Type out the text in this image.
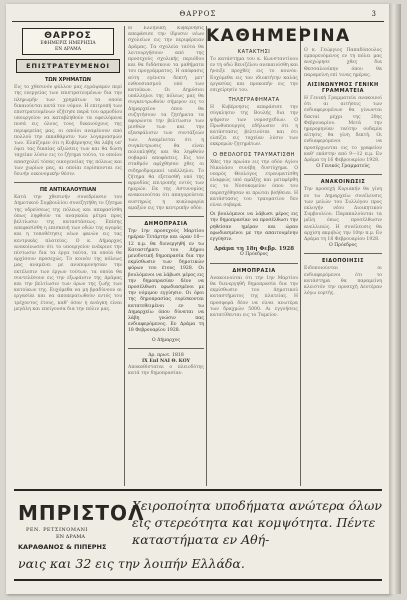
ΘΑΡΡΟΣ	3
ΘΑΡΡΟΣ
ΕΦΗΜΕΡΙΣ ΗΜΕΡΗΣΙΑ
ΕΝ ΔΡΑΜΑ
ΕΠΙΣΤΡΑΤΕΥΜΕΝΟΙ
ΤΩΝ ΧΡΗΜΑΤΩΝ
Εις το χθεσινόν φύλλον μας εγράψαμεν περί της ενεργείας των επιστρατευμένων δια την πληρωμήν των χρημάτων τα οποία δικαιούνται κατά τον νόμον. Η επιτροπή των επιστρατευμένων εζήτησε παρά του αρμοδίου υπουργείου να καταβληθούν τα οφειλόμενα ποσά εις όλους τους δικαιούχους της περιφερείας μας, οι οποίοι αναμένουν από πολλού την εκκαθάρισιν των λογαριασμών των. Ελπίζομεν ότι η Κυβέρνησις θα λάβη υπ' όψει τας δικαίας αξιώσεις των και θα δώση ταχείαν λύσιν εις το ζήτημα τούτο, το οποίον απασχολεί τόσας οικογενείας της πόλεως και των χωρίων μας, αι οποίαι ευρίσκονται εις δεινήν οικονομικήν θέσιν.
ΠΕ ΑΝΤΙΚΑΛΟΥΠΙΑΝ
Κατά την χθεσινήν συνεδρίασιν του Δημοτικού Συμβουλίου συνεζητήθη το ζήτημα της υδρεύσεως της πόλεως και απεφασίσθη όπως ληφθούν τα αναγκαία μέτρα προς βελτίωσιν της καταστάσεως. Επίσης απεφασίσθη η επισκευή των οδών της αγοράς και η τοποθέτησις νέων φανών εις τας κεντρικάς πλατείας. Ο κ. Δήμαρχος ανεκοίνωσεν ότι το υπουργείον ενέκρινε την πίστωσιν δια τα έργα ταύτα, τα οποία θα αρχίσουν προσεχώς. Το κοινόν της πόλεως μας αναμένει με ανυπομονησίαν την εκτέλεσιν των έργων τούτων, τα οποία θα συντελέσουν εις την εξωράισιν της Δράμας και την βελτίωσιν των όρων της ζωής των κατοίκων της. Ευχόμεθα να μη βραδύνουν αι εργασίαι και να αποπερατωθούν εντός του τρέχοντος έτους, καθ' όσον η ανάγκη είναι μεγάλη και επείγουσα δια την πόλιν μας.
Η Ελληνική Κυβέρνησις απεφάσισε την ίδρυσιν νέων σχολείων εις την περιφέρειαν Δράμας. Τα σχολεία ταύτα θα λειτουργήσουν από της προσεχούς σχολικής περιόδου και θα διδάσκουν τα μαθήματα του προγράμματος. Η απόφασις αύτη εγένετο δεκτή μετ' ενθουσιασμού υπό των κατοίκων. Οι Δημόσιοι υπάλληλοι της πόλεως μας θα συγκεντρωθούν σήμερον εις το Δημαρχείον όπου θα συζητήσουν τα ζητήματα τα αφορώντα την βελτίωσιν των μισθών των και την εξασφάλισιν των συντάξεών των. Αναμένεται ότι η συγκέντρωσις θα είναι πολυπληθής και θα ληφθούν σοβαραί αποφάσεις. Εις τον σταθμόν αφίχθησαν χθες οι σιδηροδρομικοί υπάλληλοι. Το ζήτημα θα εξετασθή υπό της αρμοδίας επιτροπής εντός των ημερών. Εκ της Αστυνομίας ανακοινούται ότι απαγορεύεται αυστηρώς η κυκλοφορία αμαξών εις την κεντρικήν οδόν.
ΔΗΜΟΠΡΑΣΙΑ
Την 1ην προσεχούς Μαρτίου ημέραν Τετάρτην και ώραν 10—12 π.μ. θα διενεργηθή εν τω Καταστήματι του Δήμου μειοδοτική δημοπρασία δια την εκμίσθωσιν των δημοτικών φόρων του έτους 1928. Οι βουλόμενοι να λάβωσι μέρος εις την δημοπρασίαν δέον να προσέλθωσι εφωδιασμένοι με την νόμιμον εγγύησιν. Οι όροι της δημοπρασίας ευρίσκονται κατατεθειμένοι εν τω Δημαρχείω όπου δύναται να λάβη γνώσιν πας ενδιαφερόμενος. Εν Δράμα τη 18 Φεβρουαρίου 1928.
Ο Δήμαρχος
Δρ. πρωτ. 1818
ΙΧ ΕπΙ ΝΑΙ Θ. ΚΟΥ
Αποκαθίσταται ο πλειοδότης κατά την δημοπρασίαν.
ΚΑΘΗΜΕΡΙΝΑ
ΚΑΤΑΚΤΗΣΙ
Το κατάστημα του κ. Κωνσταντίνου εν τη οδώ Βενιζέλου ανεκαινίσθη και ήνοιξε προχθές εις το κοινόν. Ευχόμεθα εις τον ιδιοκτήτην καλάς εργασίας και προκοπήν εις την επιχείρησίν του.
ΤΗΛΕΓΡΑΦΗΜΑΤΑ
Η Κυβέρνησις απεφάσισε την σύγκλησιν της Βουλής δια την ψήφισιν των νομοσχεδίων. Ο Πρωθυπουργός εδήλωσεν ότι η κατάστασις βελτιούται και ότι ελπίζει εις ταχείαν λύσιν των εκκρεμών ζητημάτων.
Ο ΘΕΟΛΟΓΟΣ ΤΡΑΥΜΑΤΙΣΘΗ
Χθες την πρωίαν εις την οδόν Αγίου Νικολάου συνέβη δυστύχημα. Ο νεαρός Θεολόγος ετραυματίσθη ελαφρώς υπό αμάξης και μετεφέρθη εις το Νοσοκομείον όπου του παρεσχέθησαν αι πρώται βοήθειαι. Η κατάστασις του τραυματίου δεν είναι σοβαρά.
Οι βουλόμενοι να λάβωσι μέρος εις την δημοπρασίαν να προσέλθωσι την ρηθείσαν ημέραν και ώραν εφωδιασμένοι με την απαιτουμένην εγγύησιν.
Δράμα τη 18η Φεβρ. 1928
Ο Πρόεδρος
ΔΗΜΟΠΡΑΣΙΑ
Ανακοινούται ότι την 1ην Μαρτίου θα διενεργηθή δημοπρασία δια την εκμίσθωσιν του Δημοτικού καταστήματος της πλατείας. Η προσφορά δέον να είναι ανωτέρα των δραχμών 5000. Αι εγγυήσεις κατατίθενται εις το Ταμείον.
Ο κ. Γεώργιος Παπαδόπουλος εμπορευόμενος εν τη πόλει μας ανεχώρησε χθες δια Θεσσαλονίκην όπου θα παραμείνη επί τινας ημέρας.
ΛΙΣΙΝΩΝΥΜΟΣ ΓΕΝΙΚΗ ΓΡΑΜΜΑΤΕΙΑ
Η Γενική Γραμματεία ανακοινοί ότι αι αιτήσεις των ενδιαφερομένων θα γίνωνται δεκταί μέχρι της 28ης Φεβρουαρίου. Μετά την ημερομηνίαν ταύτην ουδεμία αίτησις θα γίνη δεκτή. Οι ενδιαφερόμενοι να προσέρχωνται εις το γραφείον καθ' εκάστην από 9—12 π.μ. Εν Δράμα τη 16 Φεβρουαρίου 1928.
Ο Γενικός Γραμματεύς
ΑΝΑΚΟΙΝΩΣΙΣ
Την προσεχή Κυριακήν θα γίνη εν τω Δημαρχείω συνέλευσις των μελών του Συλλόγου προς εκλογήν νέου Διοικητικού Συμβουλίου. Παρακαλούνται τα μέλη όπως προσέλθωσιν ανελλιπώς. Η συνέλευσις θα αρχίση ακριβώς την 10ην π.μ. Εν Δράμα τη 18 Φεβρουαρίου 1928.
Ο Πρόεδρος
ΕΙΔΟΠΟΙΗΣΙΣ
Ειδοποιούνται οι ενδιαφερόμενοι ότι το κατάστημα θα παραμείνη κλειστόν την προσεχή Δευτέραν λόγω εορτής.
ΜΠΡΙΣΤΟΛ
ΡΕΝ. ΡΕΤΣΙΝΟΜΑΝΙ
ΕΝ ΔΡΑΜΑ
ΚΑΡΑΘΑΝΟΣ & ΠΙΠΕΡΗΣ
Χειροποίητα υποδήματα ανώτερα όλων εις στερεότητα και κομψότητα. Πέντε καταστήματα εν Αθή-
ναις και 32 εις την λοιπήν Ελλάδα.
